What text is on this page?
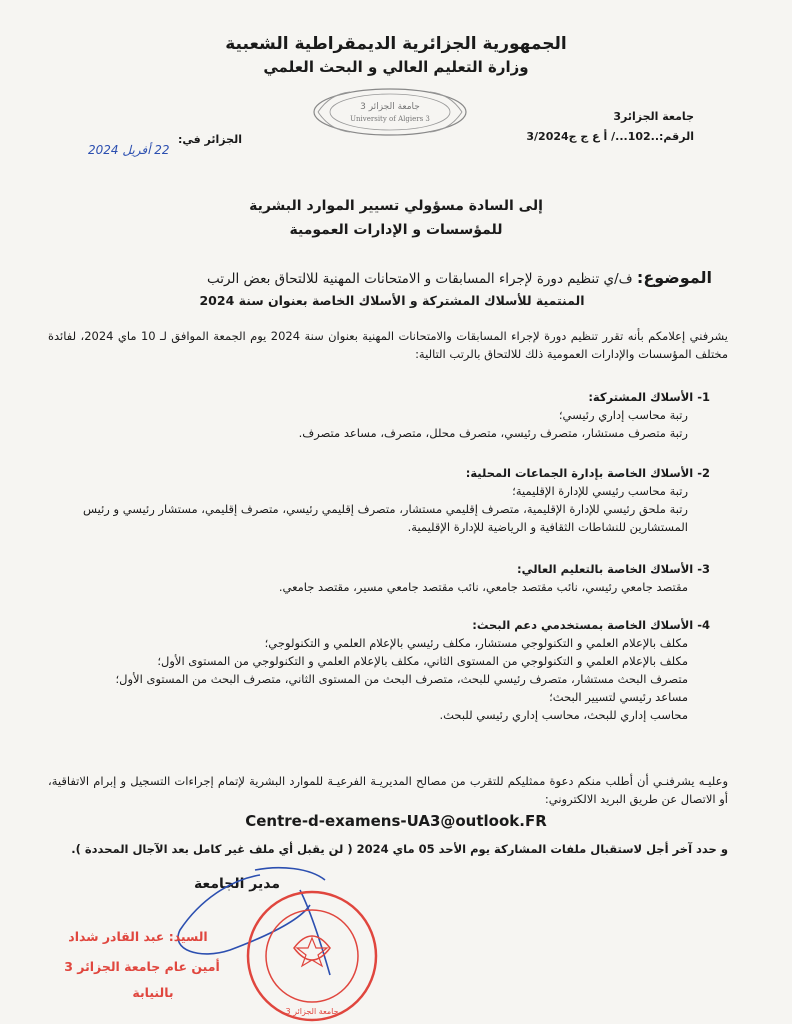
الجمهورية الجزائرية الديمقراطية الشعبية
وزارة التعليم العالي و البحث العلمي
جامعة الجزائر 3
University of Algiers 3	جامعة الجزائر3
الرقم:..102.../ أ ع ج ج3/2024
الجزائر في:
22 أفريل 2024
إلى السادة مسؤولي تسيير الموارد البشرية
للمؤسسات و الإدارات العمومية
الموضوع: ف/ي تنظيم دورة لإجراء المسابقات و الامتحانات المهنية للالتحاق بعض الرتب
المنتمية للأسلاك المشتركة و الأسلاك الخاصة بعنوان سنة 2024
يشرفني إعلامكم بأنه تقرر تنظيم دورة لإجراء المسابقات والامتحانات المهنية بعنوان سنة 2024 يوم الجمعة الموافق لـ 10 ماي 2024، لفائدة مختلف المؤسسات والإدارات العمومية ذلك للالتحاق بالرتب التالية:
1- الأسلاك المشتركة:
رتبة محاسب إداري رئيسي؛
رتبة متصرف مستشار، متصرف رئيسي، متصرف محلل، متصرف، مساعد متصرف.
2- الأسلاك الخاصة بإدارة الجماعات المحلية:
رتبة محاسب رئيسي للإدارة الإقليمية؛
رتبة ملحق رئيسي للإدارة الإقليمية، متصرف إقليمي مستشار، متصرف إقليمي رئيسي، متصرف إقليمي، مستشار رئيسي و رئيس المستشارين للنشاطات الثقافية و الرياضية للإدارة الإقليمية.
3- الأسلاك الخاصة بالتعليم العالي:
مقتصد جامعي رئيسي، نائب مقتصد جامعي، نائب مقتصد جامعي مسير، مقتصد جامعي.
4- الأسلاك الخاصة بمستخدمي دعم البحث:
مكلف بالإعلام العلمي و التكنولوجي مستشار، مكلف رئيسي بالإعلام العلمي و التكنولوجي؛
مكلف بالإعلام العلمي و التكنولوجي من المستوى الثاني، مكلف بالإعلام العلمي و التكنولوجي من المستوى الأول؛
متصرف البحث مستشار، متصرف رئيسي للبحث، متصرف البحث من المستوى الثاني، متصرف البحث من المستوى الأول؛
مساعد رئيسي لتسيير البحث؛
محاسب إداري للبحث، محاسب إداري رئيسي للبحث.
وعليـه يشرفنـي أن أطلب منكم دعوة ممثليكم للتقرب من مصالح المديريـة الفرعيـة للموارد البشرية لإتمام إجراءات التسجيل و إبرام الاتفاقية، أو الاتصال عن طريق البريد الالكتروني:
Centre-d-examens-UA3@outlook.FR
و حدد آخر أجل لاستقبال ملفات المشاركة يوم الأحد 05 ماي 2024 ( لن يقبل أي ملف غير كامل بعد الآجال المحددة ).
مدير الجامعة
السيد: عبد القادر شداد
أمين عام جامعة الجزائر 3
بالنيابة
جامعة الجزائر 3
